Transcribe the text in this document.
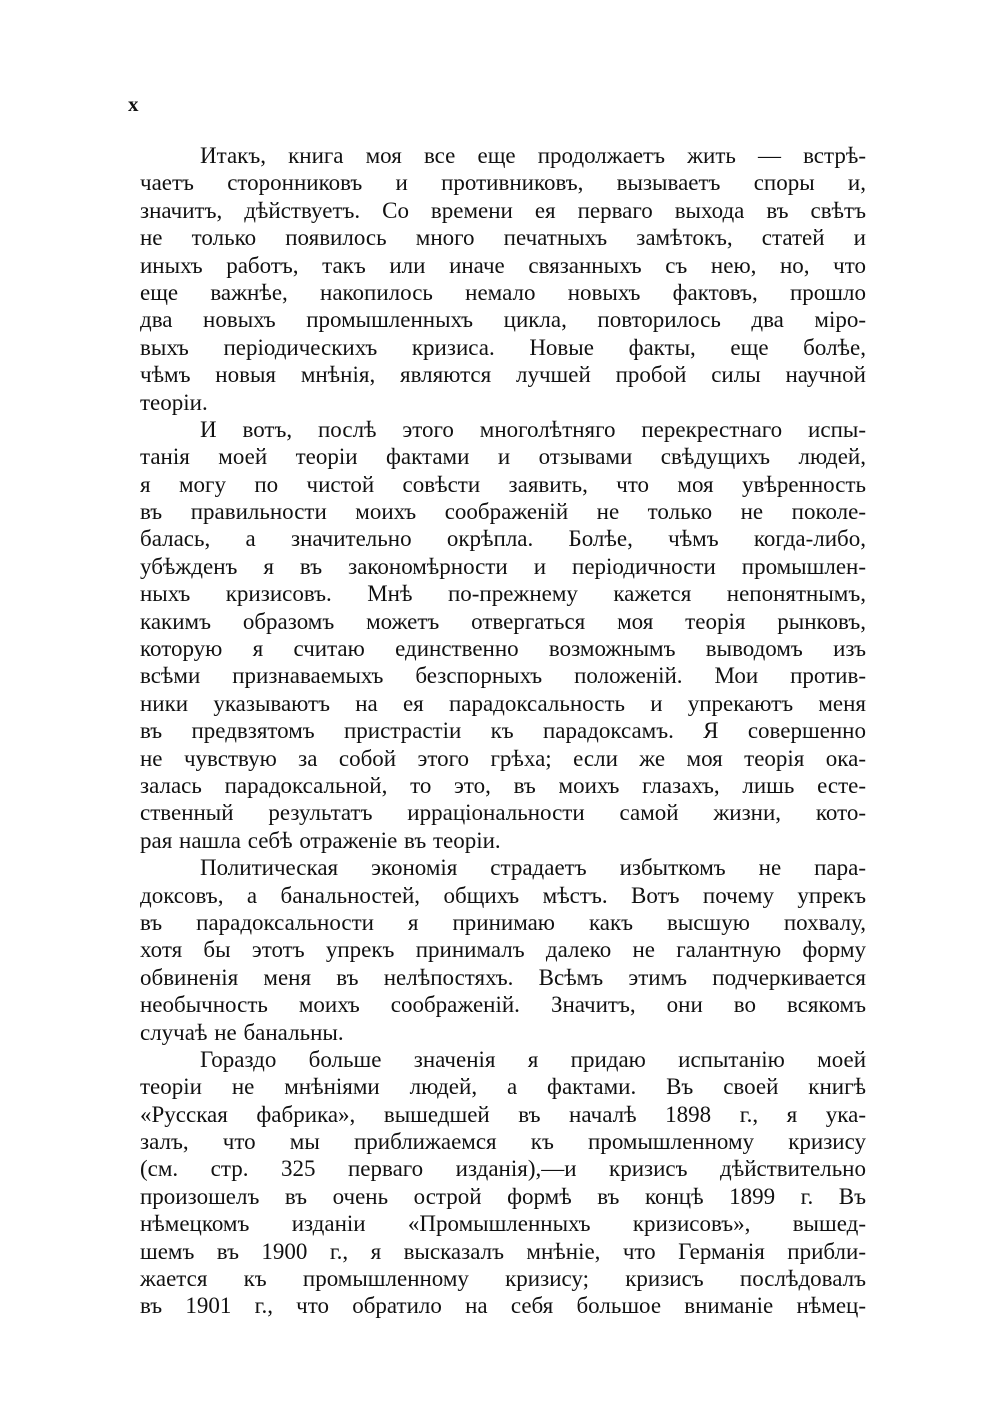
x
Итакъ, книга моя все еще продолжаетъ жить — встрѣ-
чаетъ сторонниковъ и противниковъ, вызываетъ споры и,
значитъ, дѣйствуетъ. Со времени ея перваго выхода въ свѣтъ
не только появилось много печатныхъ замѣтокъ, статей и
иныхъ работъ, такъ или иначе связанныхъ съ нею, но, что
еще важнѣе, накопилось немало новыхъ фактовъ, прошло
два новыхъ промышленныхъ цикла, повторилось два міро-
выхъ періодическихъ кризиса. Новые факты, еще болѣе,
чѣмъ новыя мнѣнія, являются лучшей пробой силы научной
теоріи.
И вотъ, послѣ этого многолѣтняго перекрестнаго испы-
танія моей теоріи фактами и отзывами свѣдущихъ людей,
я могу по чистой совѣсти заявить, что моя увѣренность
въ правильности моихъ соображеній не только не поколе-
балась, а значительно окрѣпла. Болѣе, чѣмъ когда-либо,
убѣжденъ я въ закономѣрности и періодичности промышлен-
ныхъ кризисовъ. Мнѣ по-прежнему кажется непонятнымъ,
какимъ образомъ можетъ отвергаться моя теорія рынковъ,
которую я считаю единственно возможнымъ выводомъ изъ
всѣми признаваемыхъ безспорныхъ положеній. Мои против-
ники указываютъ на ея парадоксальность и упрекаютъ меня
въ предвзятомъ пристрастіи къ парадоксамъ. Я совершенно
не чувствую за собой этого грѣха; если же моя теорія ока-
залась парадоксальной, то это, въ моихъ глазахъ, лишь есте-
ственный результатъ иррацiональности самой жизни, кото-
рая нашла себѣ отраженіе въ теоріи.
Политическая экономія страдаетъ избыткомъ не пара-
доксовъ, а банальностей, общихъ мѣстъ. Вотъ почему упрекъ
въ парадоксальности я принимаю какъ высшую похвалу,
хотя бы этотъ упрекъ принималъ далеко не галантную форму
обвиненія меня въ нелѣпостяхъ. Всѣмъ этимъ подчеркивается
необычность моихъ соображеній. Значитъ, они во всякомъ
случаѣ не банальны.
Гораздо больше значенія я придаю испытанію моей
теоріи не мнѣніями людей, а фактами. Въ своей книгѣ
«Русская фабрика», вышедшей въ началѣ 1898 г., я ука-
залъ, что мы приближаемся къ промышленному кризису
(см. стр. 325 перваго изданія),—и кризисъ дѣйствительно
произошелъ въ очень острой формѣ въ концѣ 1899 г. Въ
нѣмецкомъ изданіи «Промышленныхъ кризисовъ», вышед-
шемъ въ 1900 г., я высказалъ мнѣніе, что Германія прибли-
жается къ промышленному кризису; кризисъ послѣдовалъ
въ 1901 г., что обратило на себя большое вниманіе нѣмец-
